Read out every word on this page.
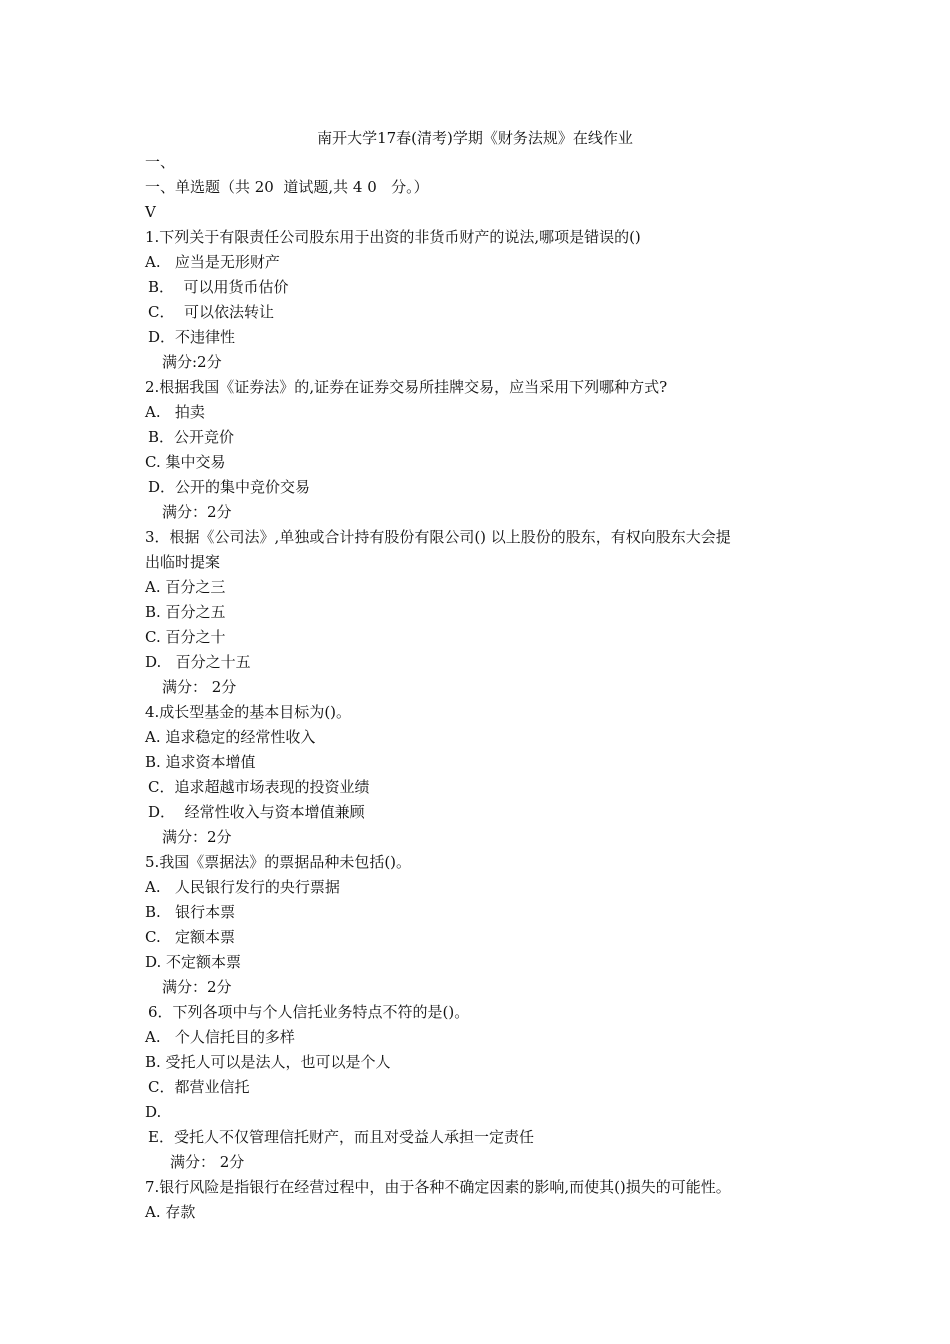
南开大学17春(清考)学期《财务法规》在线作业
一、
一、单选题（共 20  道试题,共 4 0   分。）
V
1.下列关于有限责任公司股东用于出资的非货币财产的说法,哪项是错误的()
A.   应当是无形财产
B．  可以用货币估价
C．  可以依法转让
D．不违律性
满分:2分
2.根据我国《证券法》的,证券在证券交易所挂牌交易，应当采用下列哪种方式?
A.   拍卖
B．公开竞价
C. 集中交易
D．公开的集中竞价交易
满分：2分
3．根据《公司法》,单独或合计持有股份有限公司() 以上股份的股东，有权向股东大会提
出临时提案
A. 百分之三
B. 百分之五
C. 百分之十
D.   百分之十五
满分： 2分
4.成长型基金的基本目标为()。
A. 追求稳定的经常性收入
B. 追求资本增值
C．追求超越市场表现的投资业绩
D．  经常性收入与资本增值兼顾
满分：2分
5.我国《票据法》的票据品种未包括()。
A.   人民银行发行的央行票据
B.   银行本票
C.   定额本票
D. 不定额本票
满分：2分
6．下列各项中与个人信托业务特点不符的是()。
A.   个人信托目的多样
B. 受托人可以是法人，也可以是个人
C．都营业信托
D.
E．受托人不仅管理信托财产，而且对受益人承担一定责任
满分： 2分
7.银行风险是指银行在经营过程中，由于各种不确定因素的影响,而使其()损失的可能性。
A. 存款
